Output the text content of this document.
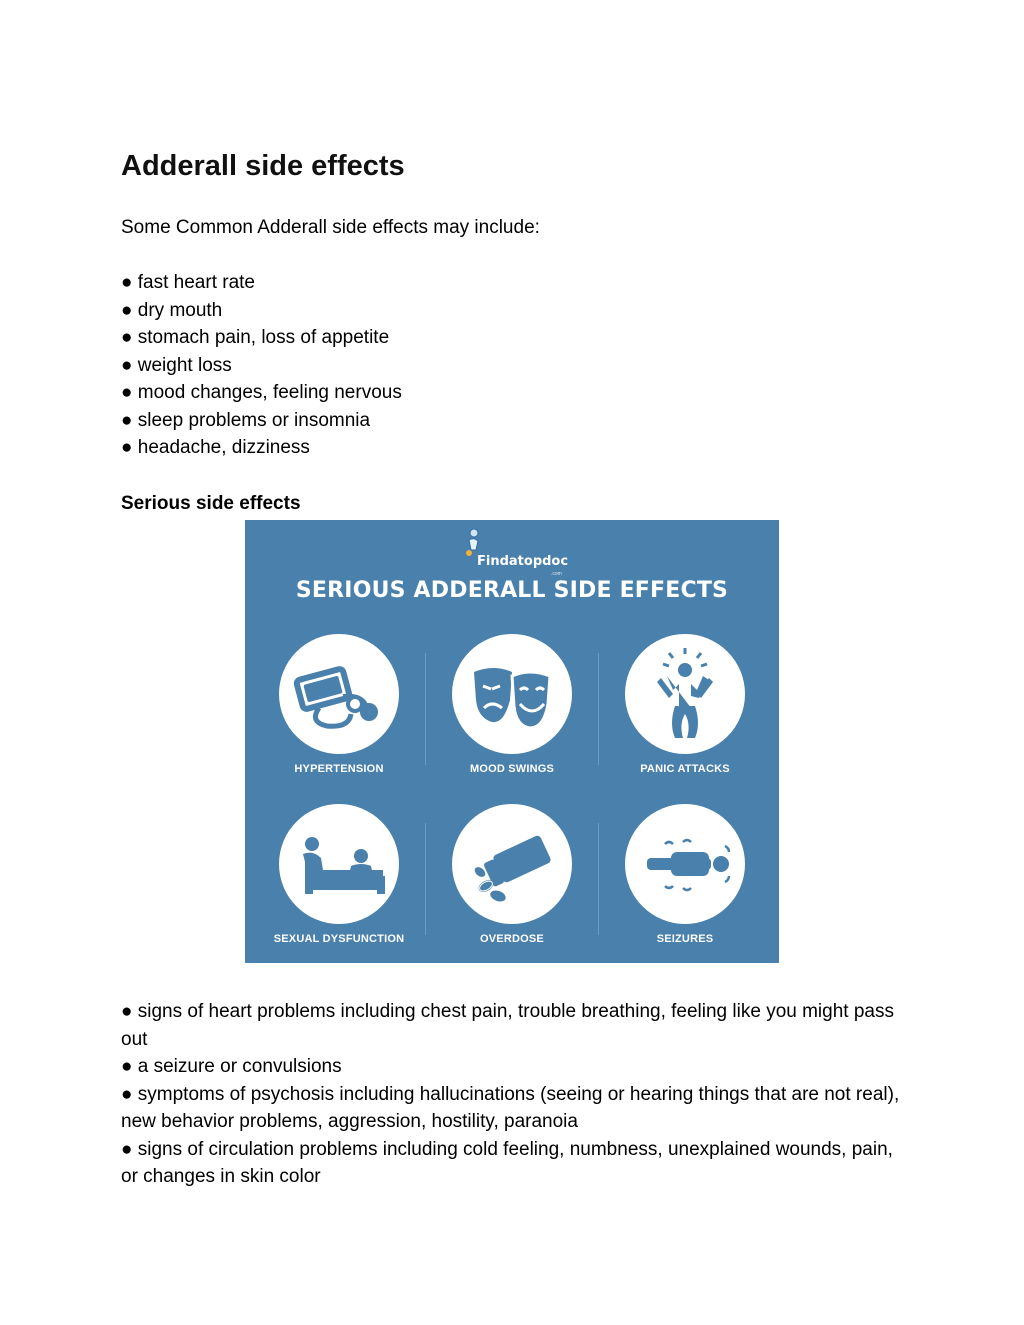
Adderall side effects

Some Common Adderall side effects may include:

● fast heart rate
● dry mouth
● stomach pain, loss of appetite
● weight loss
● mood changes, feeling nervous
● sleep problems or insomnia
● headache, dizziness
Serious side effects
Findatopdoc
.com
SERIOUS ADDERALL SIDE EFFECTS
HYPERTENSION	MOOD SWINGS	PANIC ATTACKS
SEXUAL DYSFUNCTION	OVERDOSE	SEIZURES
● signs of heart problems including chest pain, trouble breathing, feeling like you might pass out
● a seizure or convulsions
● symptoms of psychosis including hallucinations (seeing or hearing things that are not real), new behavior problems, aggression, hostility, paranoia
● signs of circulation problems including cold feeling, numbness, unexplained wounds, pain, or changes in skin color
